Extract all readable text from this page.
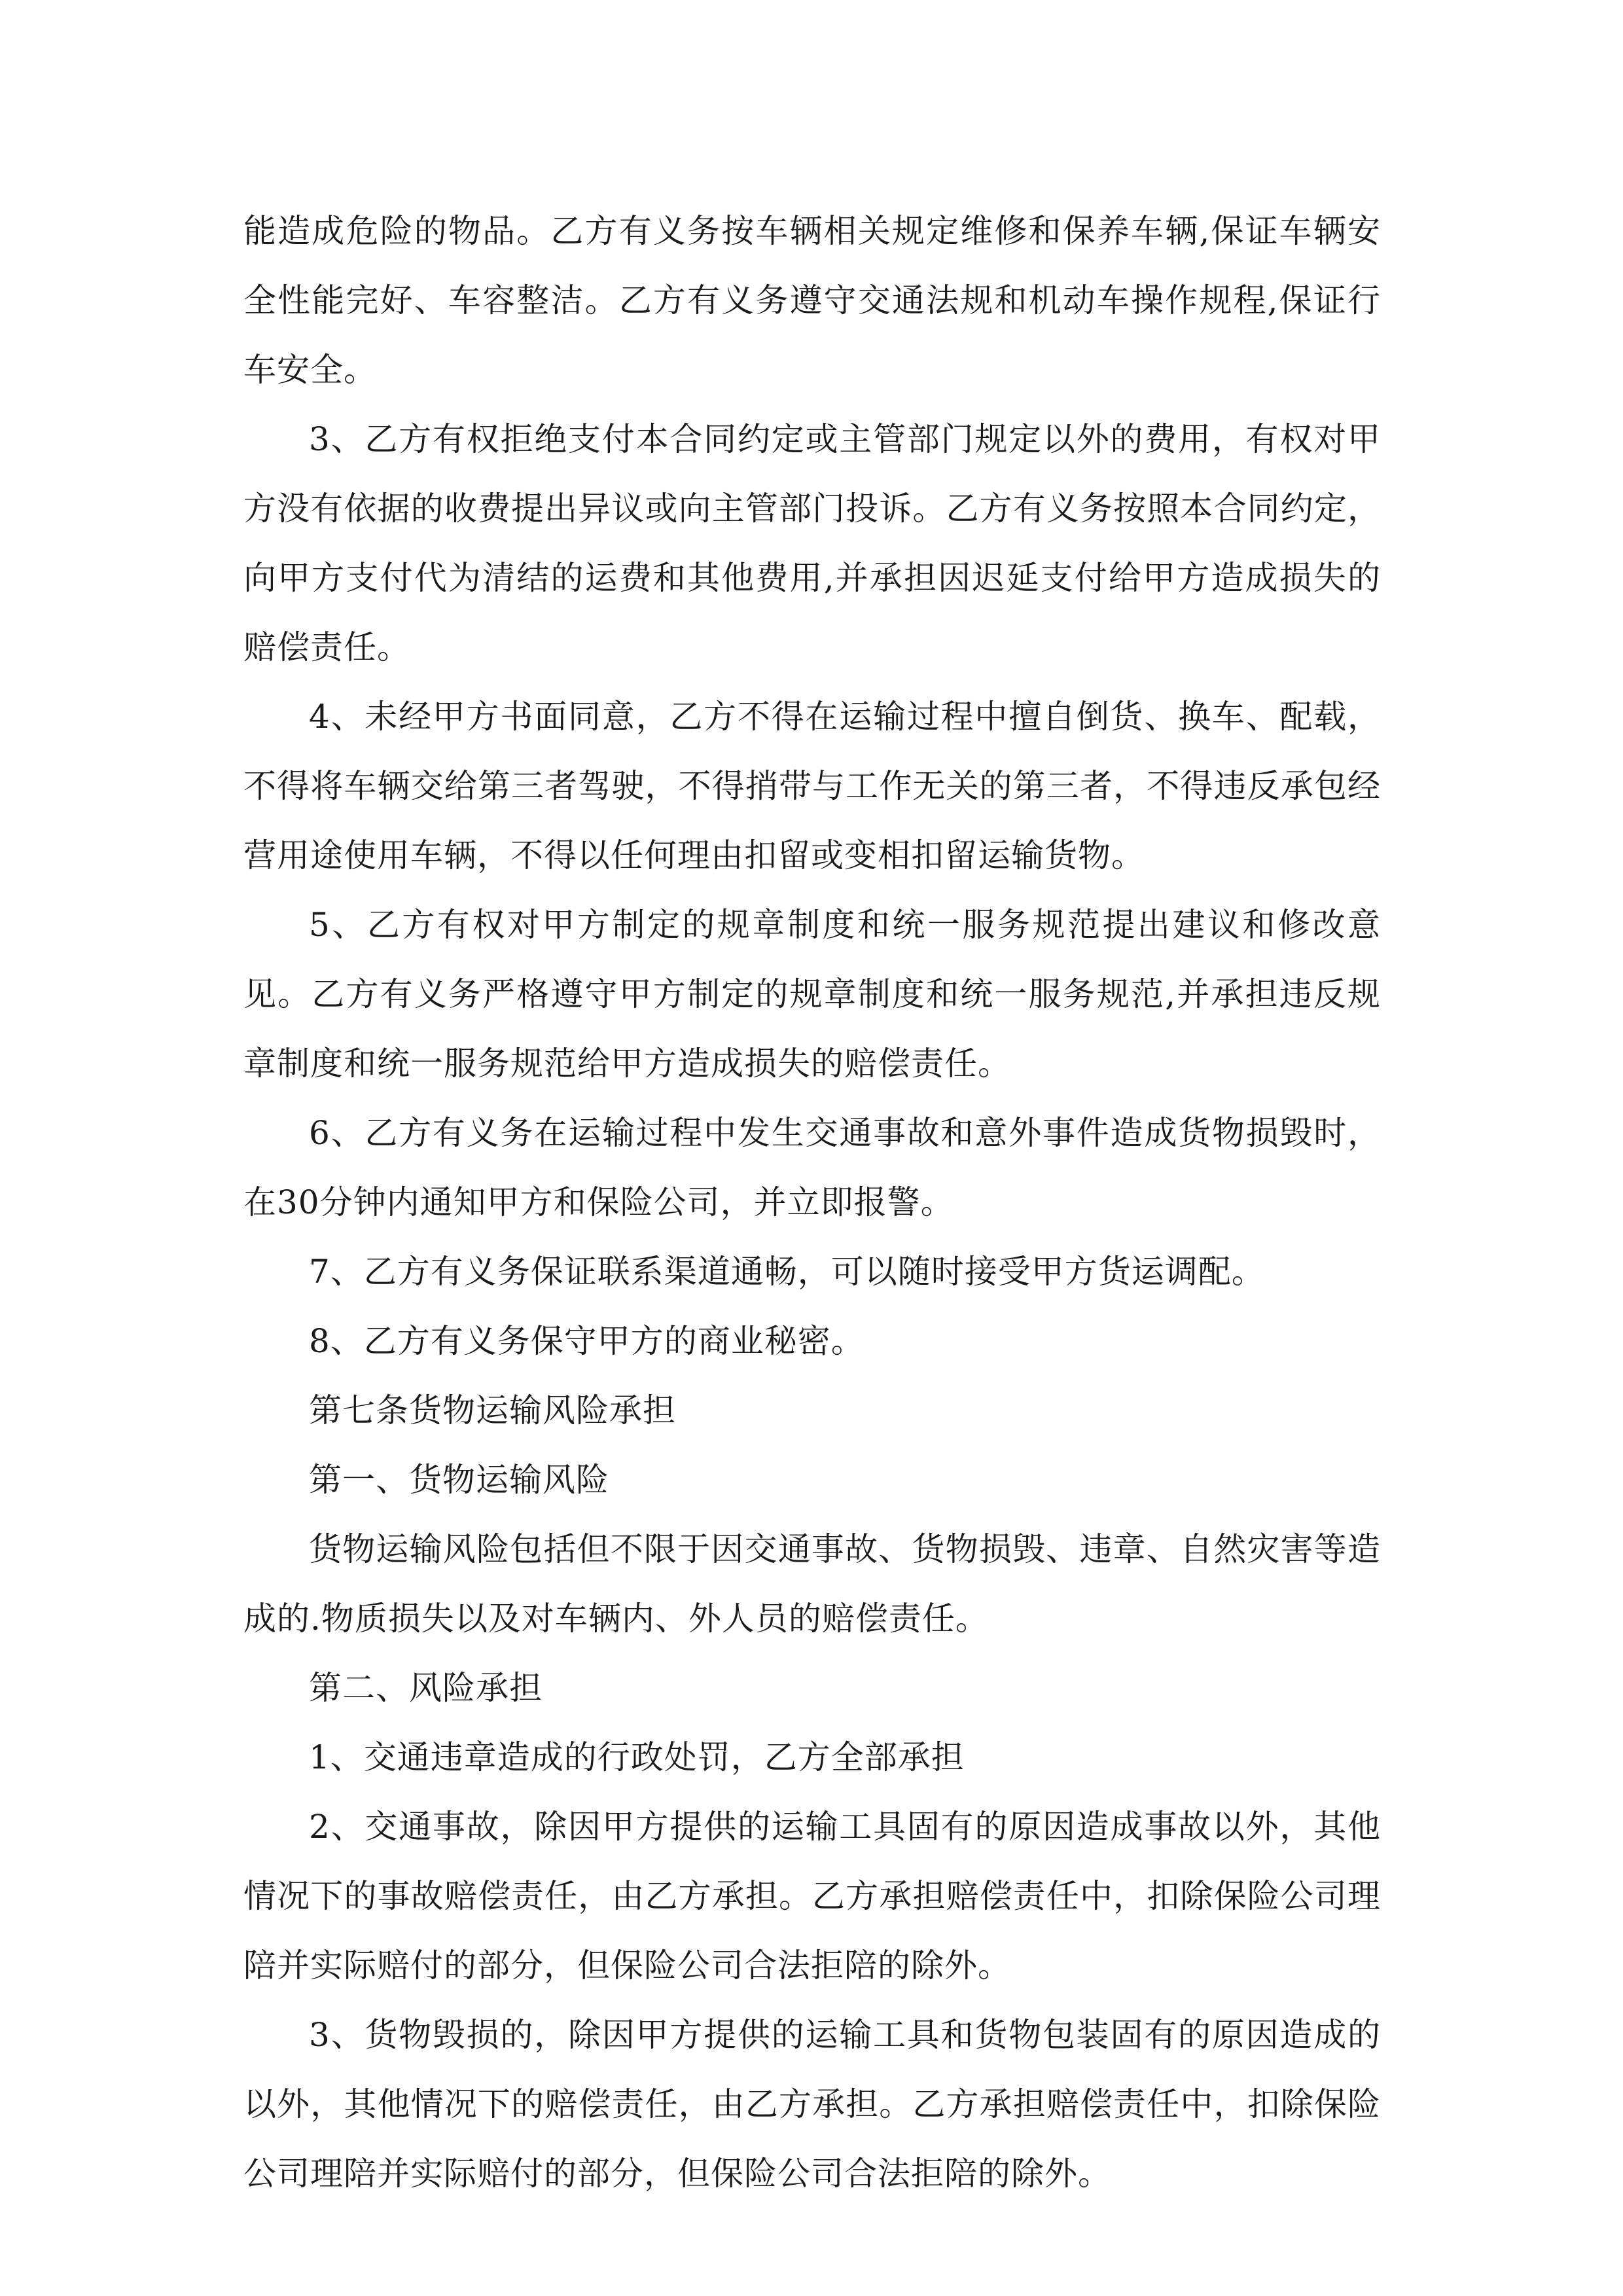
能造成危险的物品。乙方有义务按车辆相关规定维修和保养车辆,保证车辆安全性能完好、车容整洁。乙方有义务遵守交通法规和机动车操作规程,保证行车安全。

3、乙方有权拒绝支付本合同约定或主管部门规定以外的费用，有权对甲方没有依据的收费提出异议或向主管部门投诉。乙方有义务按照本合同约定，向甲方支付代为清结的运费和其他费用,并承担因迟延支付给甲方造成损失的赔偿责任。

4、未经甲方书面同意，乙方不得在运输过程中擅自倒货、换车、配载，不得将车辆交给第三者驾驶，不得捎带与工作无关的第三者，不得违反承包经营用途使用车辆，不得以任何理由扣留或变相扣留运输货物。

5、乙方有权对甲方制定的规章制度和统一服务规范提出建议和修改意见。乙方有义务严格遵守甲方制定的规章制度和统一服务规范,并承担违反规章制度和统一服务规范给甲方造成损失的赔偿责任。

6、乙方有义务在运输过程中发生交通事故和意外事件造成货物损毁时，在30分钟内通知甲方和保险公司，并立即报警。

7、乙方有义务保证联系渠道通畅，可以随时接受甲方货运调配。

8、乙方有义务保守甲方的商业秘密。

第七条货物运输风险承担

第一、货物运输风险

货物运输风险包括但不限于因交通事故、货物损毁、违章、自然灾害等造成的.物质损失以及对车辆内、外人员的赔偿责任。

第二、风险承担

1、交通违章造成的行政处罚，乙方全部承担

2、交通事故，除因甲方提供的运输工具固有的原因造成事故以外，其他情况下的事故赔偿责任，由乙方承担。乙方承担赔偿责任中，扣除保险公司理陪并实际赔付的部分，但保险公司合法拒陪的除外。

3、货物毁损的，除因甲方提供的运输工具和货物包装固有的原因造成的以外，其他情况下的赔偿责任，由乙方承担。乙方承担赔偿责任中，扣除保险公司理陪并实际赔付的部分，但保险公司合法拒陪的除外。
